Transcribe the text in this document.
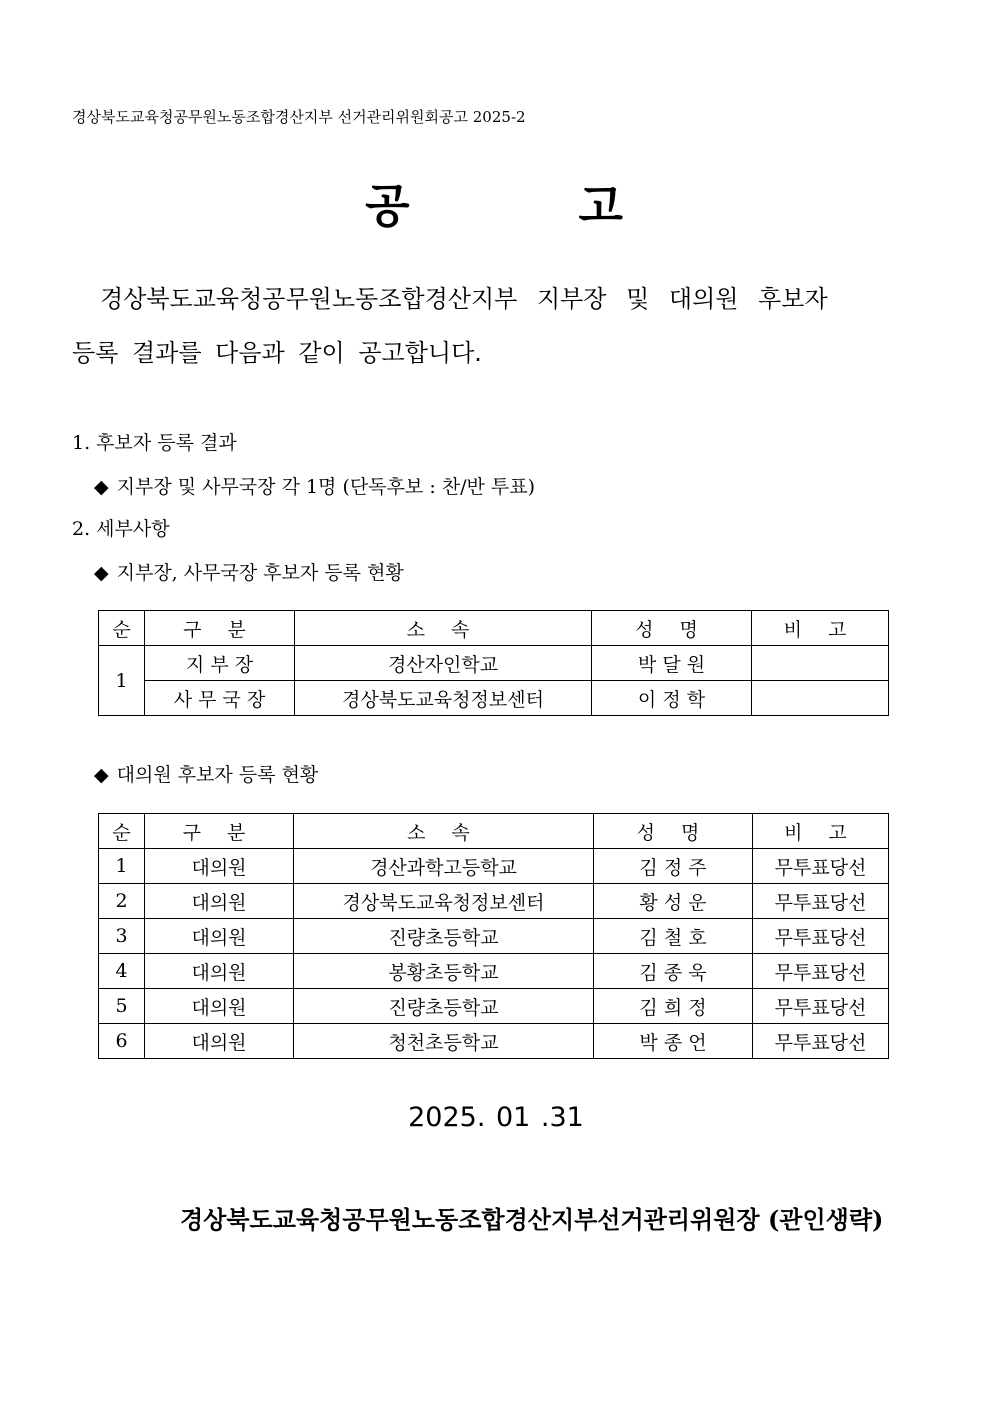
경상북도교육청공무원노동조합경산지부 선거관리위원회공고 2025-2
공	고
경상북도교육청공무원노동조합경산지부 지부장 및 대의원 후보자
등록 결과를 다음과 같이 공고합니다.
1. 후보자 등록 결과
◆ 지부장 및 사무국장 각 1명 (단독후보 : 찬/반 투표)
2. 세부사항
◆ 지부장, 사무국장 후보자 등록 현황
순	구 분	소 속	성 명	비 고
1	지 부 장	경산자인학교	박 달 원	
	사 무 국 장	경상북도교육청정보센터	이 정 학	
◆ 대의원 후보자 등록 현황
순	구 분	소 속	성 명	비 고
1	대의원	경산과학고등학교	김 정 주	무투표당선
2	대의원	경상북도교육청정보센터	황 성 운	무투표당선
3	대의원	진량초등학교	김 철 호	무투표당선
4	대의원	봉황초등학교	김 종 욱	무투표당선
5	대의원	진량초등학교	김 희 정	무투표당선
6	대의원	청천초등학교	박 종 언	무투표당선
2025. 01 .31
경상북도교육청공무원노동조합경산지부선거관리위원장 (관인생략)
